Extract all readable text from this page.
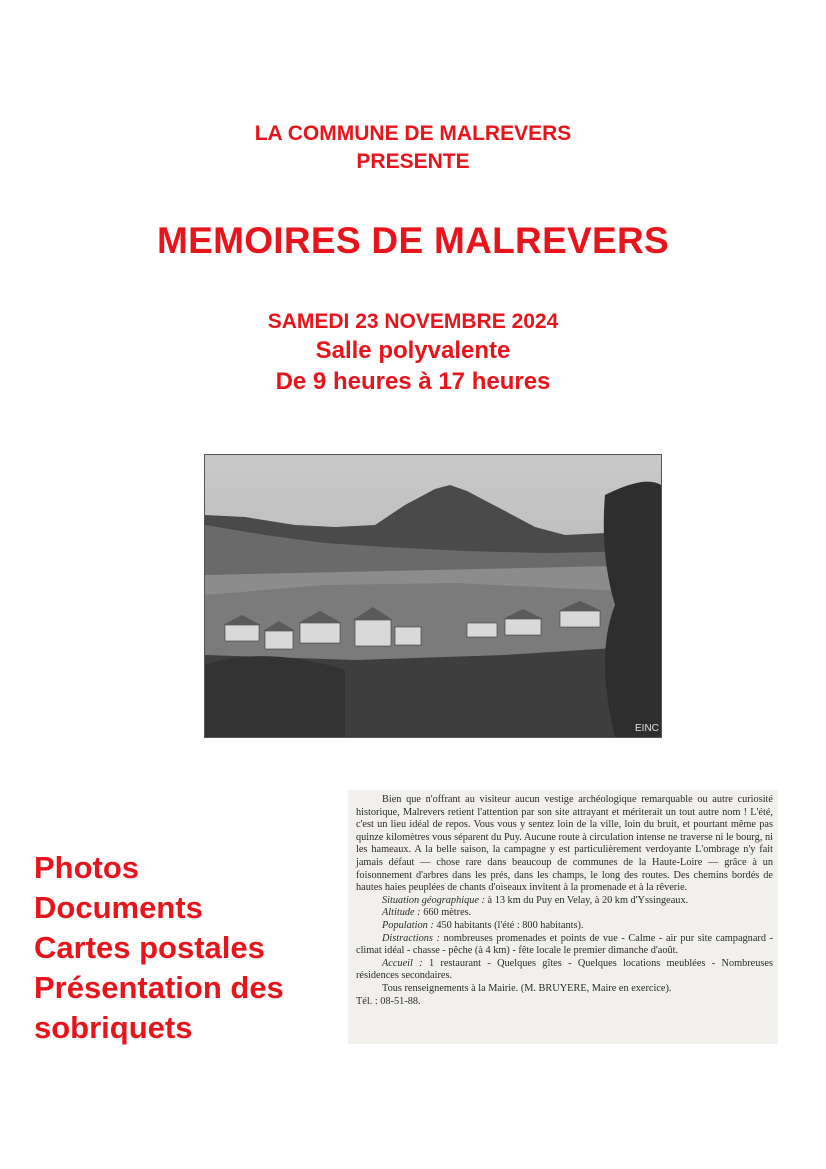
LA COMMUNE DE MALREVERS
PRESENTE
MEMOIRES DE MALREVERS
SAMEDI 23 NOVEMBRE 2024
Salle polyvalente
De 9 heures à 17 heures
EINC
Photos
Documents
Cartes postales
Présentation des
sobriquets

Bien que n'offrant au visiteur aucun vestige archéologique remarquable ou autre curiosité historique, Malrevers retient l'attention par son site attrayant et mériterait un tout autre nom ! L'été, c'est un lieu idéal de repos. Vous vous y sentez loin de la ville, loin du bruit, et pourtant même pas quinze kilomètres vous séparent du Puy. Aucune route à circulation intense ne traverse ni le bourg, ni les hameaux. A la belle saison, la campagne y est particulièrement verdoyante L'ombrage n'y fait jamais défaut — chose rare dans beaucoup de communes de la Haute-Loire — grâce à un foisonnement d'arbres dans les prés, dans les champs, le long des routes. Des chemins bordés de hautes haies peuplées de chants d'oiseaux invitent à la promenade et à la rêverie.

Situation géographique : à 13 km du Puy en Velay, à 20 km d'Yssingeaux.

Altitude : 660 mètres.

Population : 450 habitants (l'été : 800 habitants).

Distractions : nombreuses promenades et points de vue - Calme - air pur site campagnard - climat idéal - chasse - pêche (à 4 km) - fête locale le premier dimanche d'août.

Accueil : 1 restaurant - Quelques gîtes - Quelques locations meublées - Nombreuses résidences secondaires.

Tous renseignements à la Mairie. (M. BRUYERE, Maire en exercice).

Tél. : 08-51-88.
